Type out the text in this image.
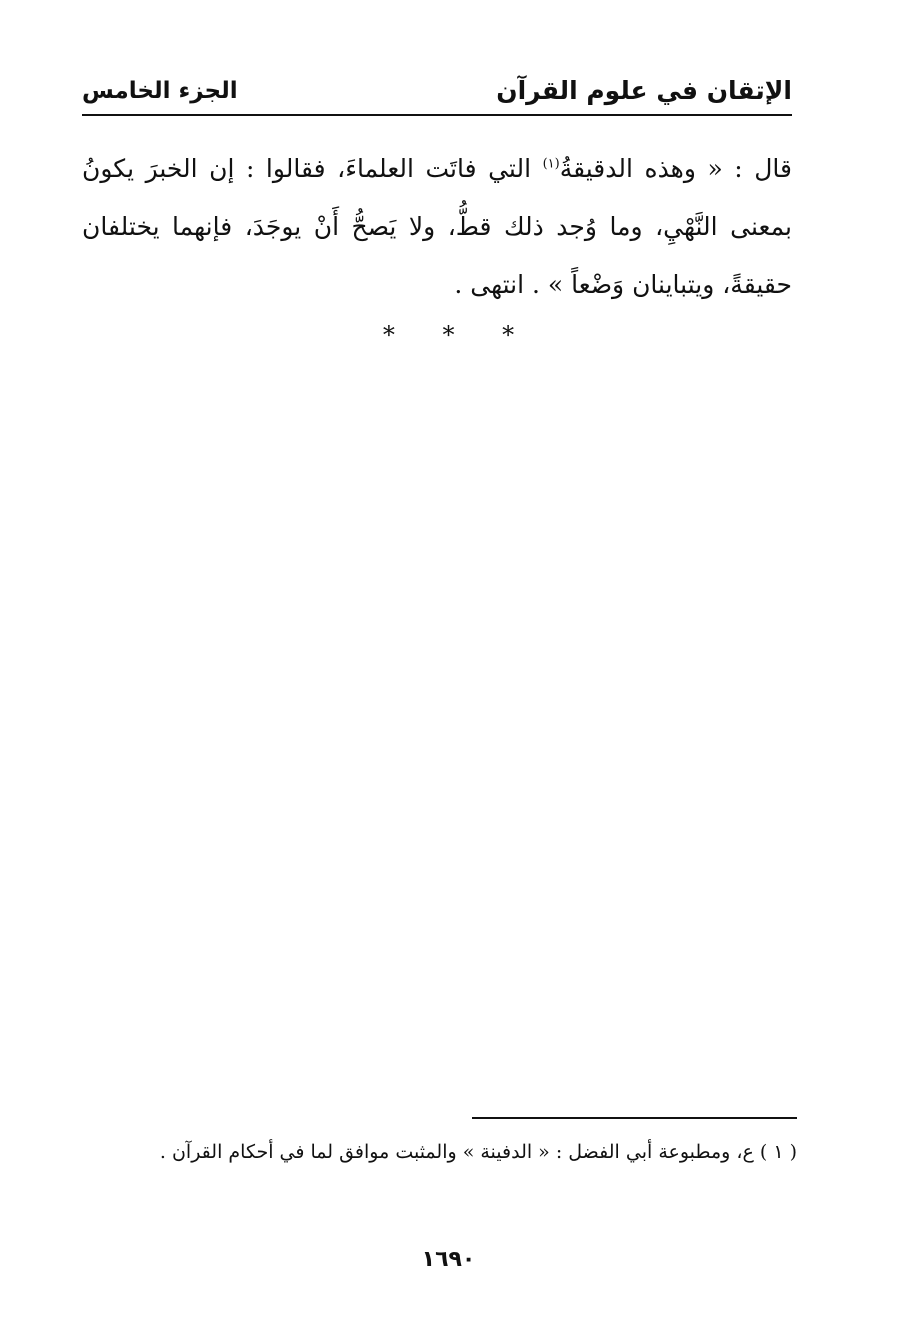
الإتقان في علوم القرآن
الجزء الخامس
قال : « وهذه الدقيقةُ$^{(١)}$ التي فاتَت العلماءَ، فقالوا : إن الخبرَ يكونُ
بمعنى النَّهْيِ، وما وُجد ذلك قطُّ، ولا يَصحُّ أَنْ يوجَدَ، فإنهما يختلفان
حقيقةً، ويتباينان وَضْعاً » . انتهى .
* * *
( ١ ) ع، ومطبوعة أبي الفضل : « الدفينة » والمثبت موافق لما في أحكام القرآن .
١٦٩٠
